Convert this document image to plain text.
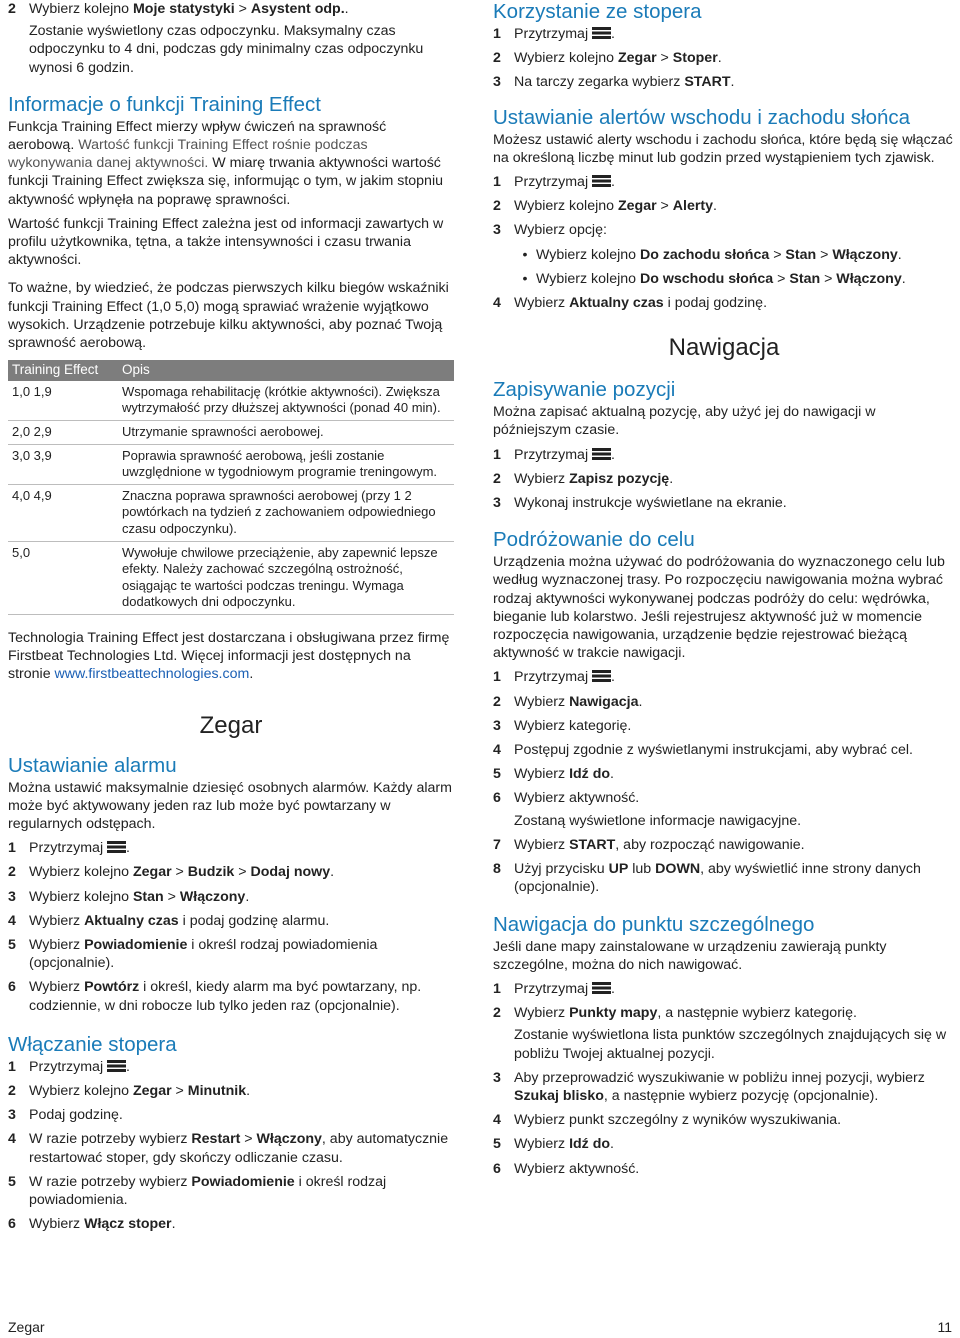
2 Wybierz kolejno Moje statystyki > Asystent odp..

Zostanie wyświetlony czas odpoczynku. Maksymalny czas odpoczynku to 4 dni, podczas gdy minimalny czas odpoczynku wynosi 6 godzin.

Informacje o funkcji Training Effect

Funkcja Training Effect mierzy wpływ ćwiczeń na sprawność aerobową. Wartość funkcji Training Effect rośnie podczas wykonywania danej aktywności. W miarę trwania aktywności wartość funkcji Training Effect zwiększa się, informując o tym, w jakim stopniu aktywność wpłynęła na poprawę sprawności.

Wartość funkcji Training Effect zależna jest od informacji zawartych w profilu użytkownika, tętna, a także intensywności i czasu trwania aktywności.

To ważne, by wiedzieć, że podczas pierwszych kilku biegów wskaźniki funkcji Training Effect (1,0 5,0) mogą sprawiać wrażenie wyjątkowo wysokich. Urządzenie potrzebuje kilku aktywności, aby poznać Twoją sprawność aerobową.

Training Effect	Opis
1,0 1,9	Wspomaga rehabilitację (krótkie aktywności). Zwiększa wytrzymałość przy dłuższej aktywności (ponad 40 min).
2,0 2,9	Utrzymanie sprawności aerobowej.
3,0 3,9	Poprawia sprawność aerobową, jeśli zostanie uwzględnione w tygodniowym programie treningowym.
4,0 4,9	Znaczna poprawa sprawności aerobowej (przy 1 2 powtórkach na tydzień z zachowaniem odpowiedniego czasu odpoczynku).
5,0	Wywołuje chwilowe przeciążenie, aby zapewnić lepsze efekty. Należy zachować szczególną ostrożność, osiągając te wartości podczas treningu. Wymaga dodatkowych dni odpoczynku.

Technologia Training Effect jest dostarczana i obsługiwana przez firmę Firstbeat Technologies Ltd. Więcej informacji jest dostępnych na stronie www.firstbeattechnologies.com.

Zegar
Ustawianie alarmu

Można ustawić maksymalnie dziesięć osobnych alarmów. Każdy alarm może być aktywowany jeden raz lub może być powtarzany w regularnych odstępach.

1 Przytrzymaj .
2 Wybierz kolejno Zegar > Budzik > Dodaj nowy.
3 Wybierz kolejno Stan > Włączony.
4 Wybierz Aktualny czas i podaj godzinę alarmu.
5 Wybierz Powiadomienie i określ rodzaj powiadomienia (opcjonalnie).
6 Wybierz Powtórz i określ, kiedy alarm ma być powtarzany, np. codziennie, w dni robocze lub tylko jeden raz (opcjonalnie).
Włączanie stopera
1 Przytrzymaj .
2 Wybierz kolejno Zegar > Minutnik.
3 Podaj godzinę.
4 W razie potrzeby wybierz Restart > Włączony, aby automatycznie restartować stoper, gdy skończy odliczanie czasu.
5 W razie potrzeby wybierz Powiadomienie i określ rodzaj powiadomienia.
6 Wybierz Włącz stoper.
Korzystanie ze stopera
1 Przytrzymaj .
2 Wybierz kolejno Zegar > Stoper.
3 Na tarczy zegarka wybierz START.
Ustawianie alertów wschodu i zachodu słońca

Możesz ustawić alerty wschodu i zachodu słońca, które będą się włączać na określoną liczbę minut lub godzin przed wystąpieniem tych zjawisk.

1 Przytrzymaj .
2 Wybierz kolejno Zegar > Alerty.
3 Wybierz opcję:
• Wybierz kolejno Do zachodu słońca > Stan > Włączony.
• Wybierz kolejno Do wschodu słońca > Stan > Włączony.
4 Wybierz Aktualny czas i podaj godzinę.
Nawigacja
Zapisywanie pozycji

Można zapisać aktualną pozycję, aby użyć jej do nawigacji w późniejszym czasie.

1 Przytrzymaj .
2 Wybierz Zapisz pozycję.
3 Wykonaj instrukcje wyświetlane na ekranie.
Podróżowanie do celu

Urządzenia można używać do podróżowania do wyznaczonego celu lub według wyznaczonej trasy. Po rozpoczęciu nawigowania można wybrać rodzaj aktywności wykonywanej podczas podróży do celu: wędrówka, bieganie lub kolarstwo. Jeśli rejestrujesz aktywność już w momencie rozpoczęcia nawigowania, urządzenie będzie rejestrować bieżącą aktywność w trakcie nawigacji.

1 Przytrzymaj .
2 Wybierz Nawigacja.
3 Wybierz kategorię.
4 Postępuj zgodnie z wyświetlanymi instrukcjami, aby wybrać cel.
5 Wybierz Idź do.
6 Wybierz aktywność.

Zostaną wyświetlone informacje nawigacyjne.

7 Wybierz START, aby rozpocząć nawigowanie.
8 Użyj przycisku UP lub DOWN, aby wyświetlić inne strony danych (opcjonalnie).
Nawigacja do punktu szczególnego

Jeśli dane mapy zainstalowane w urządzeniu zawierają punkty szczególne, można do nich nawigować.

1 Przytrzymaj .
2 Wybierz Punkty mapy, a następnie wybierz kategorię.

Zostanie wyświetlona lista punktów szczególnych znajdujących się w pobliżu Twojej aktualnej pozycji.

3 Aby przeprowadzić wyszukiwanie w pobliżu innej pozycji, wybierz Szukaj blisko, a następnie wybierz pozycję (opcjonalnie).
4 Wybierz punkt szczególny z wyników wyszukiwania.
5 Wybierz Idź do.
6 Wybierz aktywność.
Zegar	11
